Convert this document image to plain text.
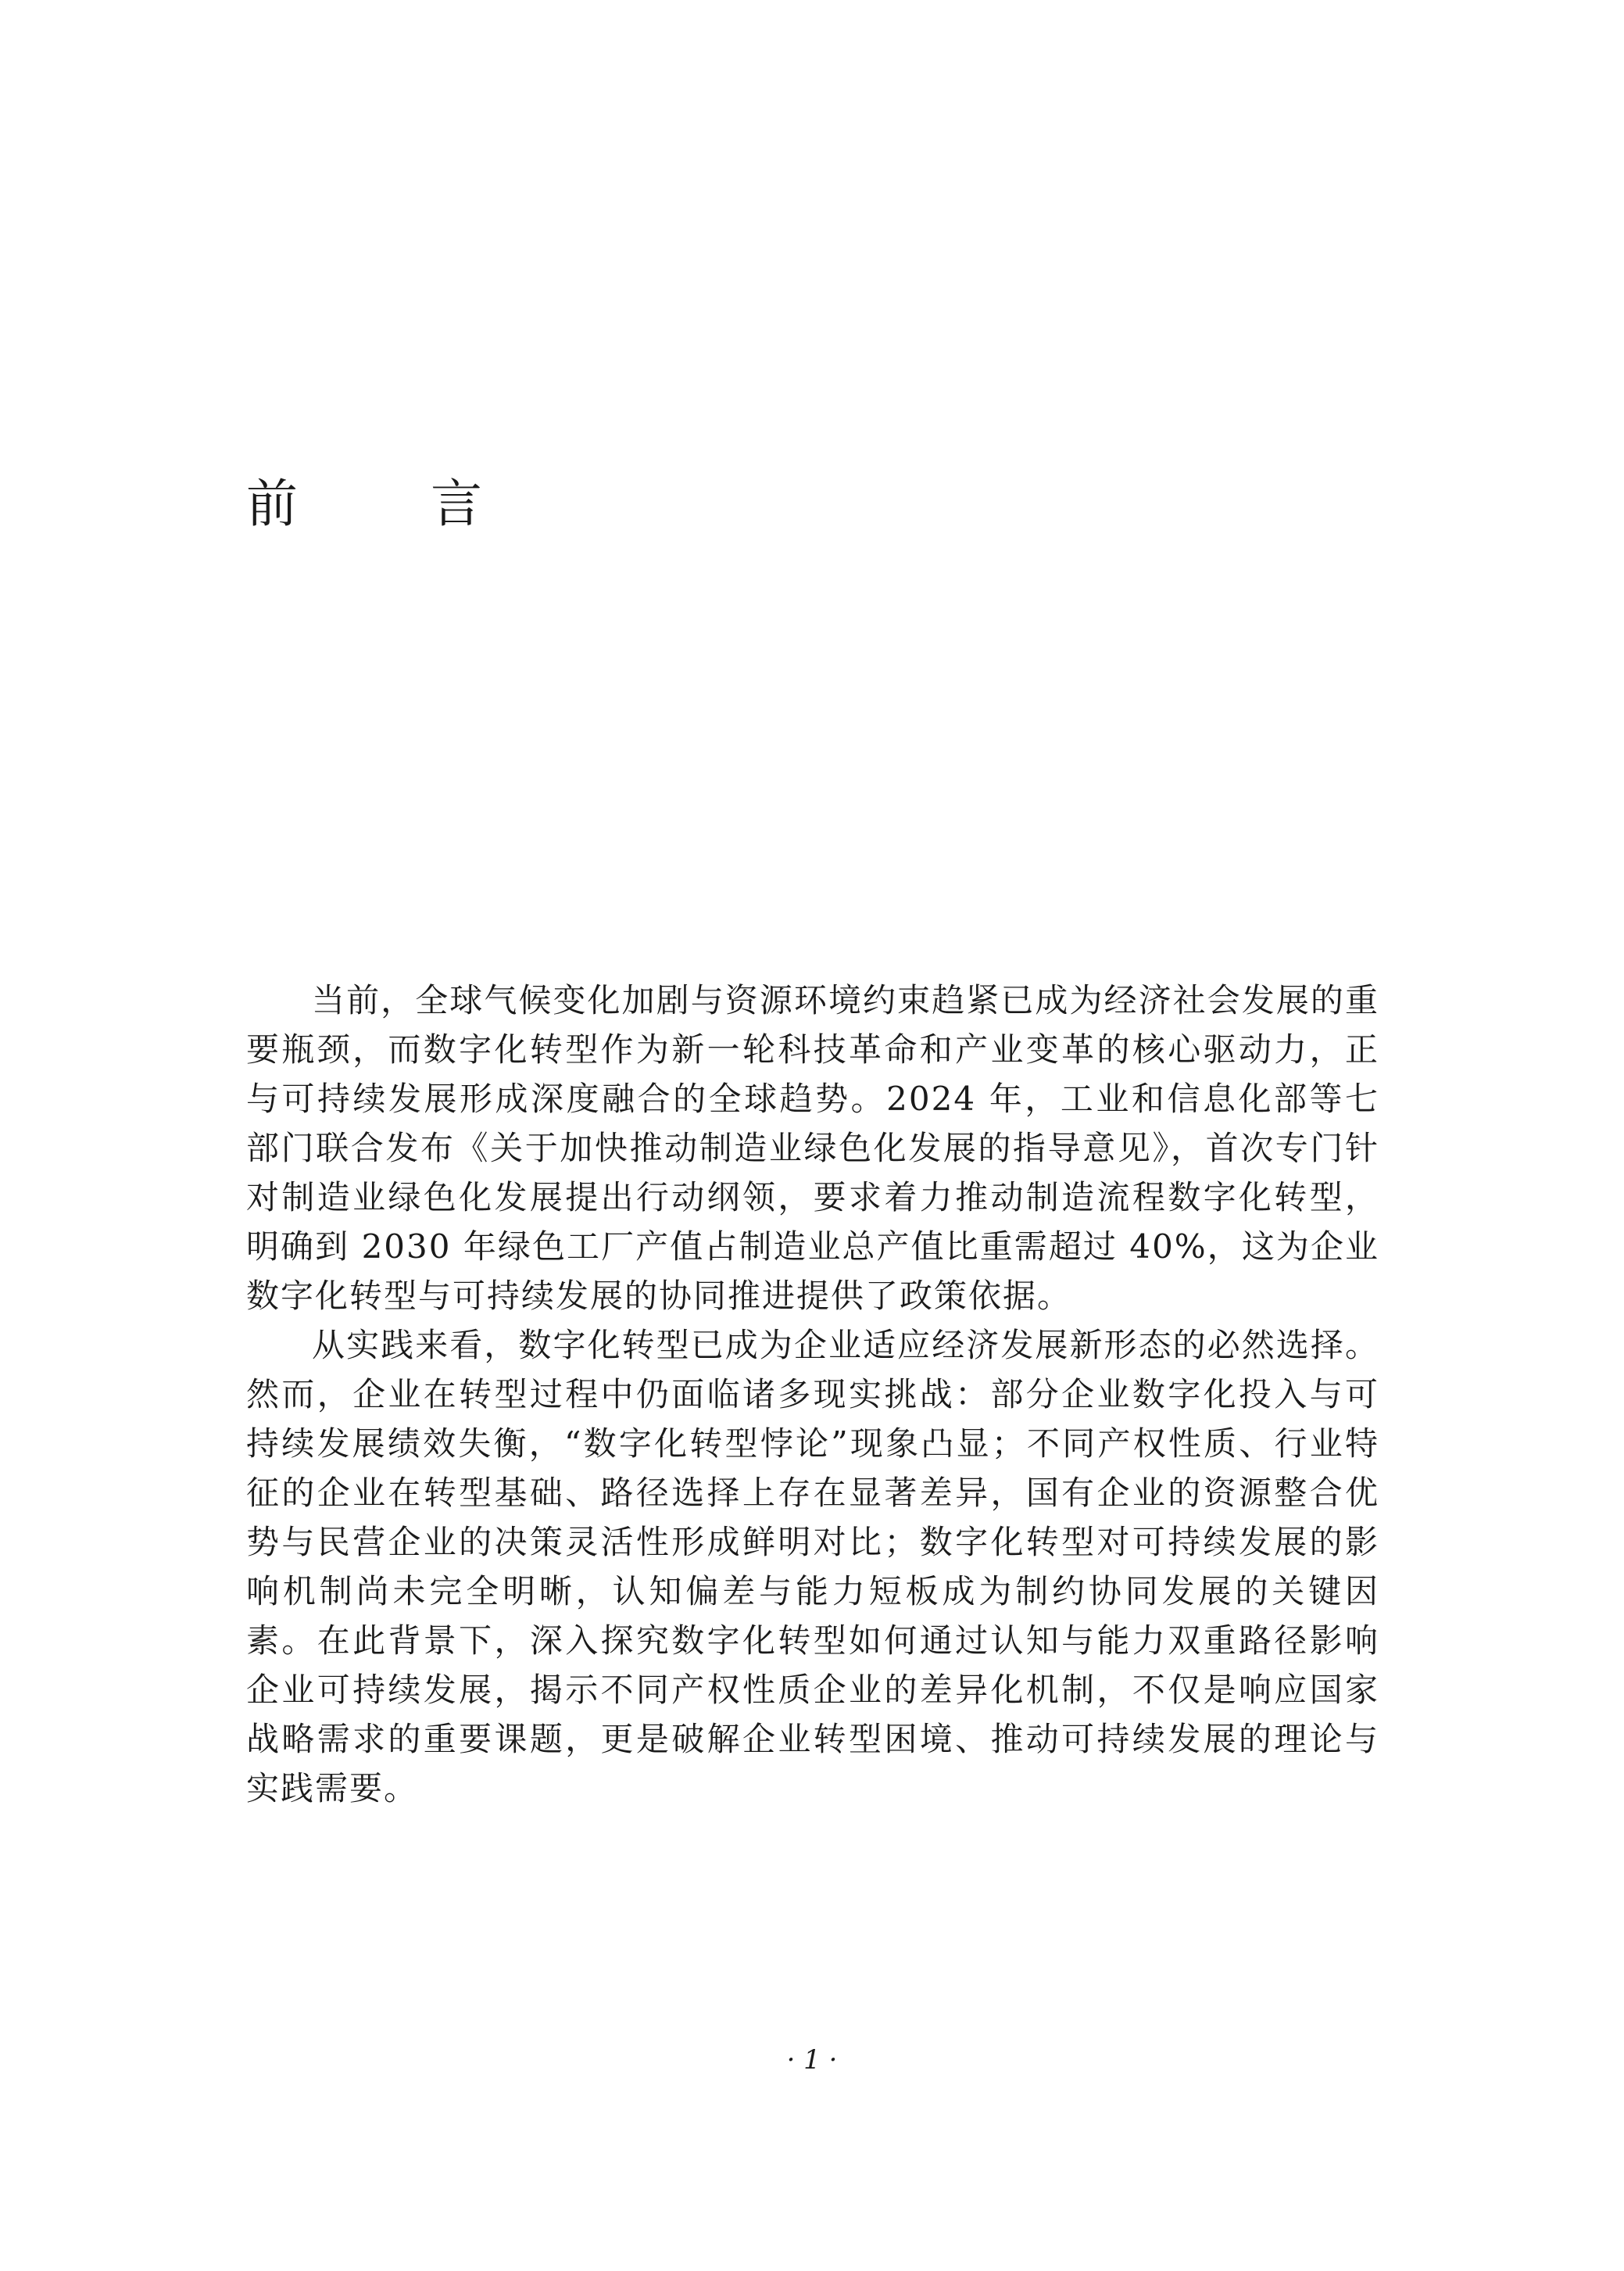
前	言

当前，全球气候变化加剧与资源环境约束趋紧已成为经济社会发展的重要瓶颈，而数字化转型作为新一轮科技革命和产业变革的核心驱动力，正与可持续发展形成深度融合的全球趋势。2024 年，工业和信息化部等七部门联合发布《关于加快推动制造业绿色化发展的指导意见》，首次专门针对制造业绿色化发展提出行动纲领，要求着力推动制造流程数字化转型，明确到 2030 年绿色工厂产值占制造业总产值比重需超过 40%，这为企业数字化转型与可持续发展的协同推进提供了政策依据。

从实践来看，数字化转型已成为企业适应经济发展新形态的必然选择。然而，企业在转型过程中仍面临诸多现实挑战：部分企业数字化投入与可持续发展绩效失衡，“数字化转型悖论”现象凸显；不同产权性质、行业特征的企业在转型基础、路径选择上存在显著差异，国有企业的资源整合优势与民营企业的决策灵活性形成鲜明对比；数字化转型对可持续发展的影响机制尚未完全明晰，认知偏差与能力短板成为制约协同发展的关键因素。在此背景下，深入探究数字化转型如何通过认知与能力双重路径影响企业可持续发展，揭示不同产权性质企业的差异化机制，不仅是响应国家战略需求的重要课题，更是破解企业转型困境、推动可持续发展的理论与实践需要。

· 1 ·
